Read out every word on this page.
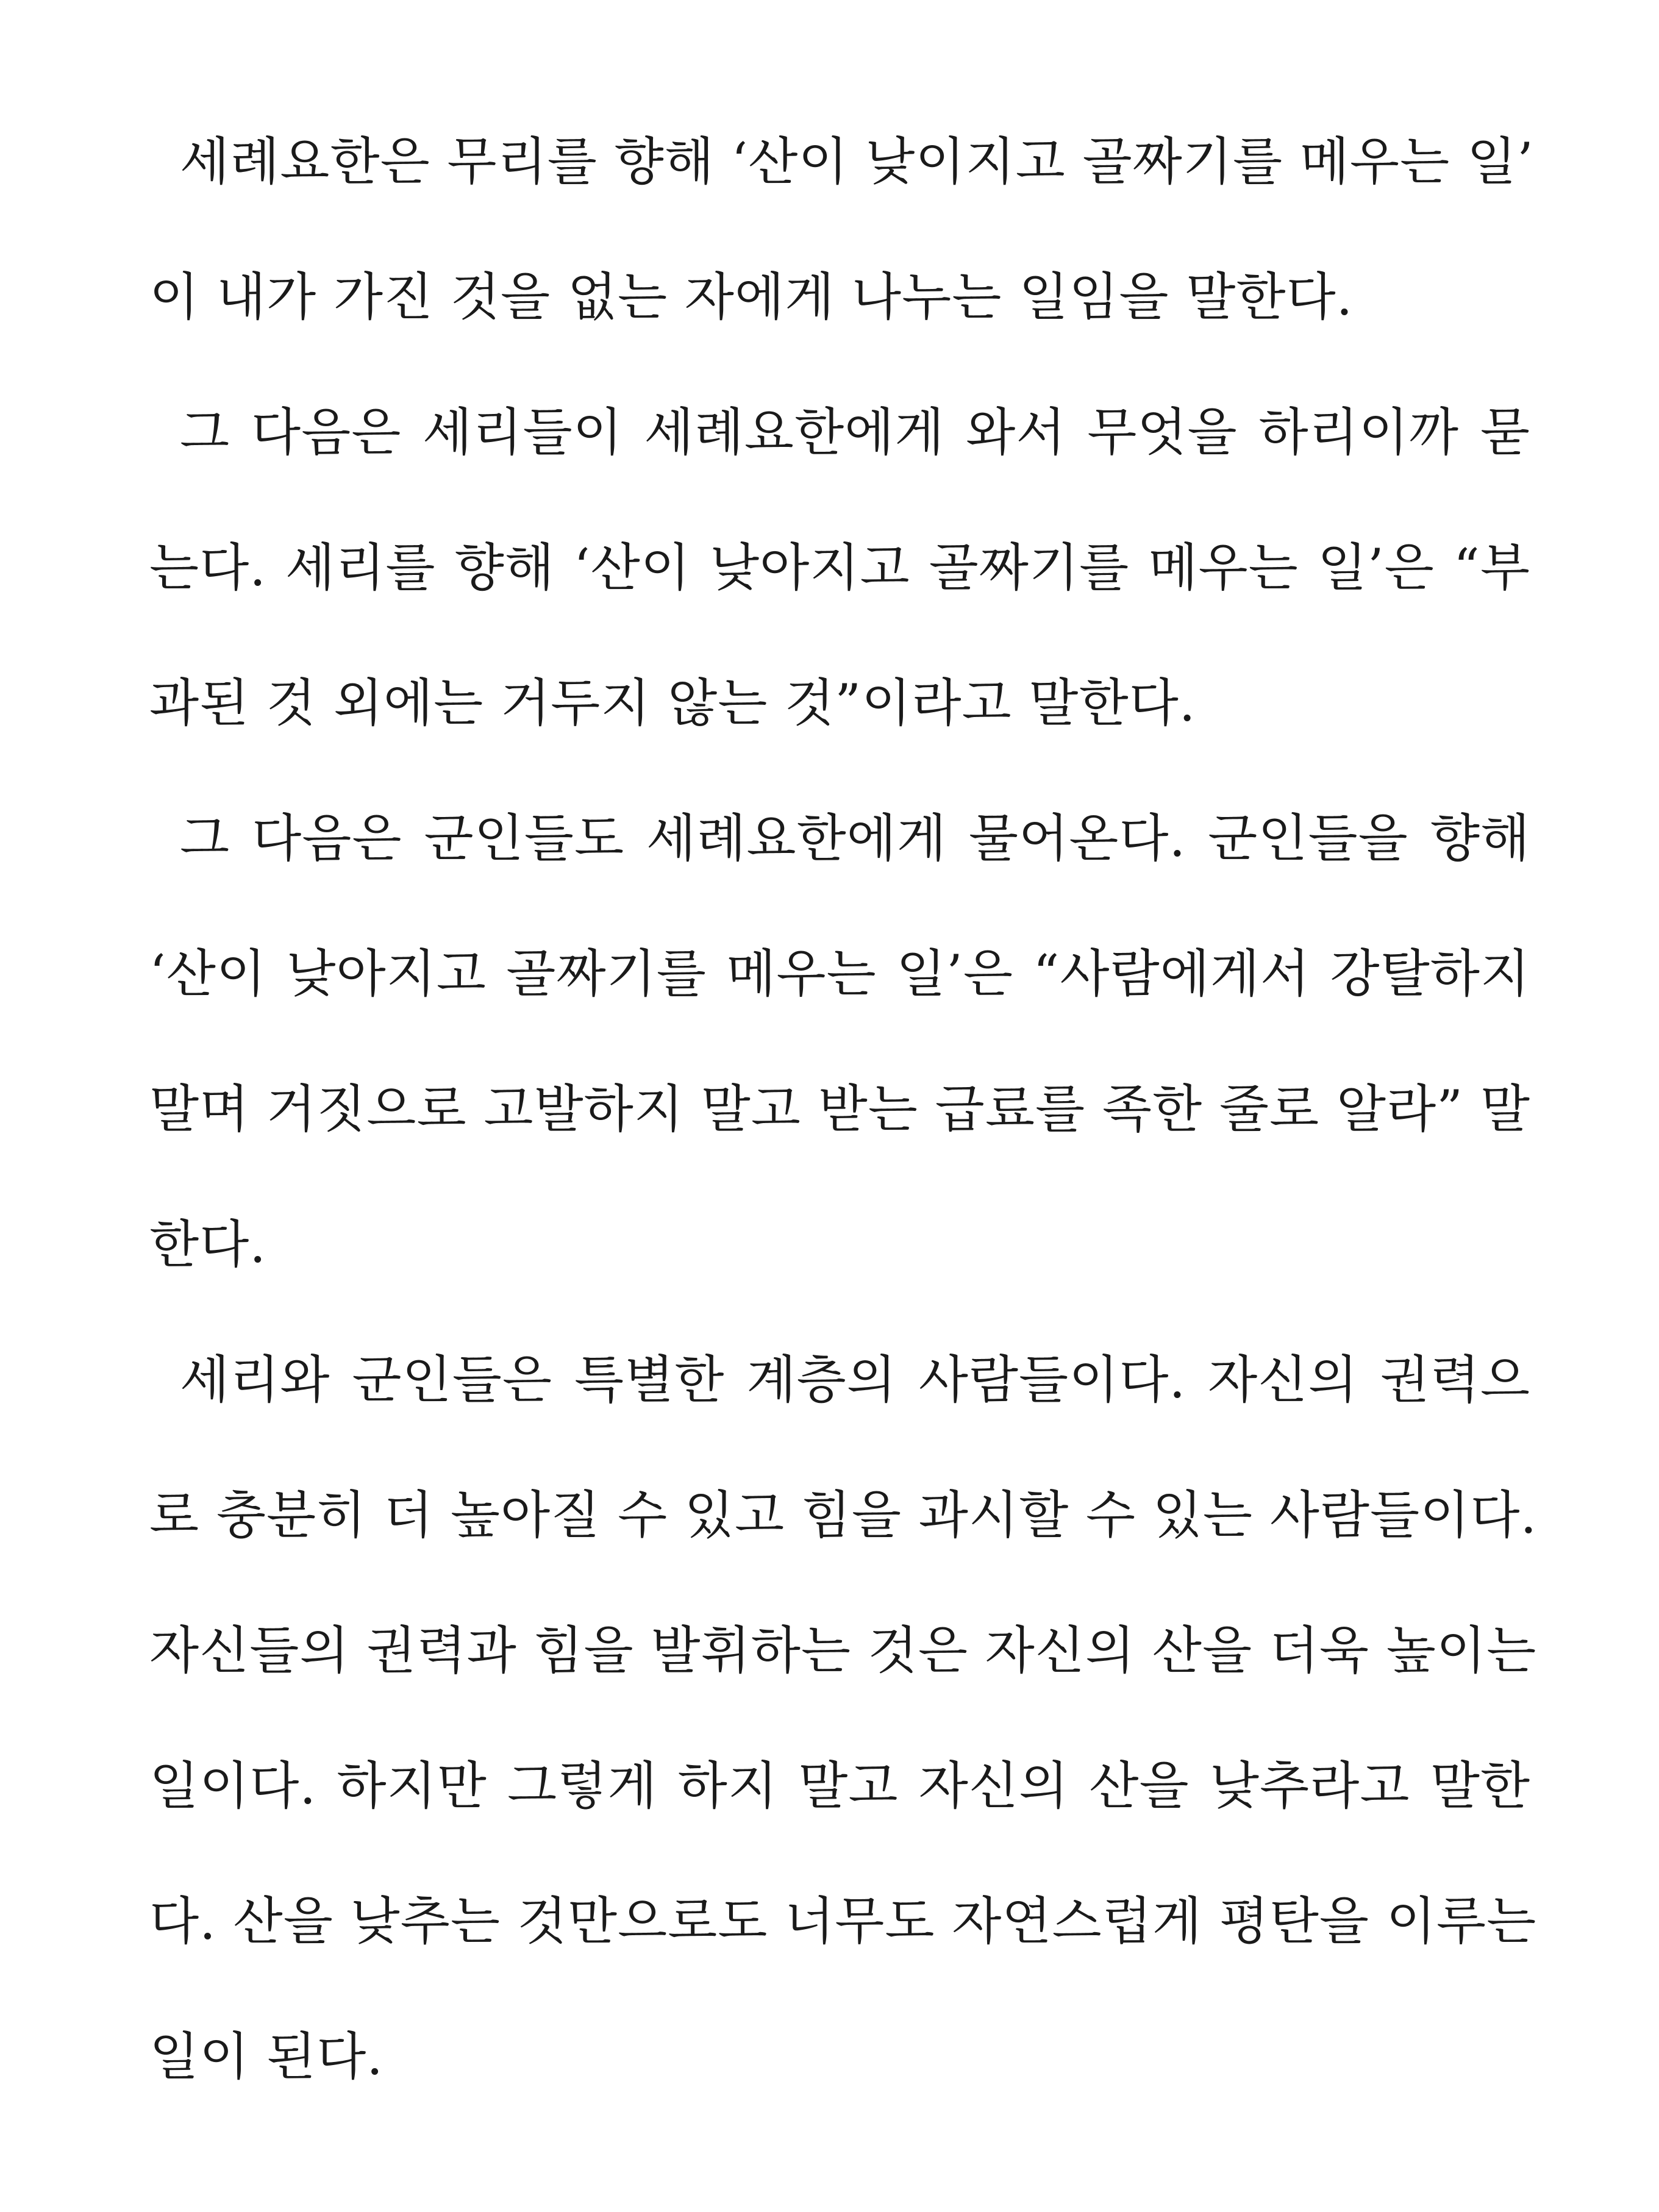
세례요한은 무리를 향해 ‘산이 낮이지고 골짜기를 메우는 일’
이 내가 가진 것을 없는 자에게 나누는 일임을 말한다.
그 다음은 세리들이 세례요한에게 와서 무엇을 하리이까 묻
는다. 세리를 향해 ‘산이 낮아지고 골짜기를 메우는 일’은 “부
과된 것 외에는 거두지 않는 것”이라고 말한다.
그 다음은 군인들도 세례요한에게 물어온다. 군인들을 향해
‘산이 낮아지고 골짜기를 메우는 일’은 “사람에게서 강탈하지
말며 거짓으로 고발하지 말고 받는 급료를 족한 줄로 알라” 말
한다.
세리와 군인들은 특별한 계층의 사람들이다. 자신의 권력으
로 충분히 더 높아질 수 있고 힘을 과시할 수 있는 사람들이다.
자신들의 권력과 힘을 발휘하는 것은 자신의 산을 더욱 높이는
일이다. 하지만 그렇게 하지 말고 자신의 산을 낮추라고 말한
다. 산을 낮추는 것만으로도 너무도 자연스럽게 평탄을 이루는
일이 된다.
